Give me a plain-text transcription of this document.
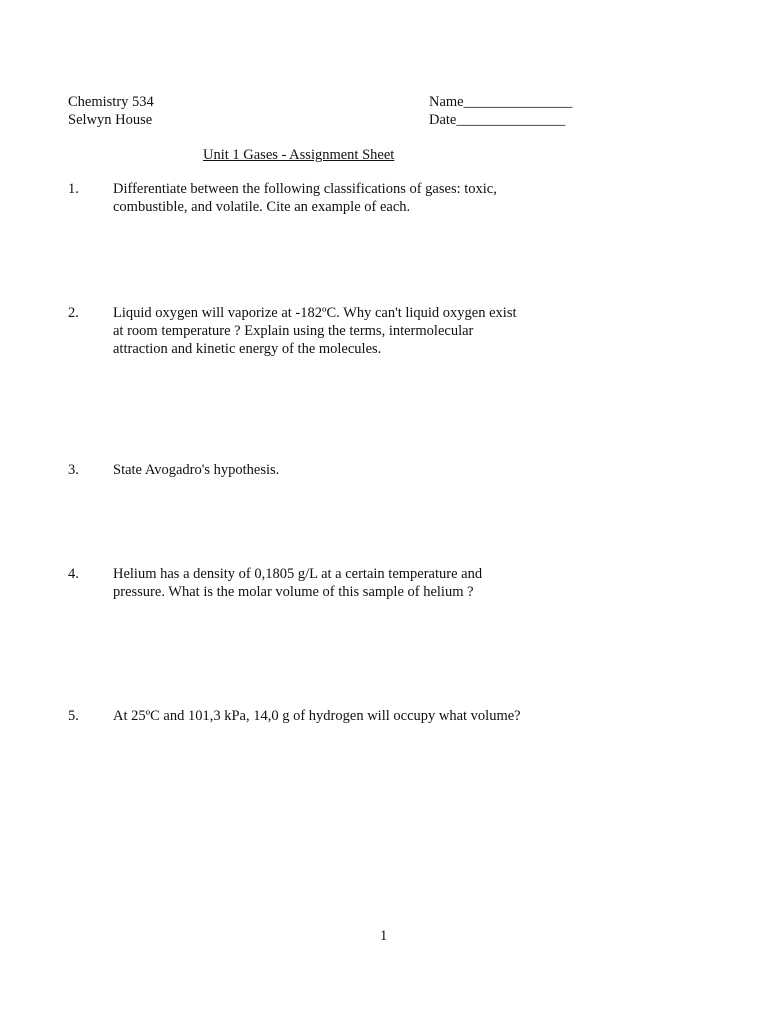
Chemistry 534
Selwyn House
Name_______________
Date_______________
Unit 1 Gases - Assignment Sheet
1. Differentiate between the following classifications of gases: toxic,
combustible, and volatile. Cite an example of each.
2. Liquid oxygen will vaporize at -182ºC. Why can't liquid oxygen exist
at room temperature ? Explain using the terms, intermolecular
attraction and kinetic energy of the molecules.
3. State Avogadro's hypothesis.
4. Helium has a density of 0,1805 g/L at a certain temperature and
pressure. What is the molar volume of this sample of helium ?
5. At 25ºC and 101,3 kPa, 14,0 g of hydrogen will occupy what volume?
1
